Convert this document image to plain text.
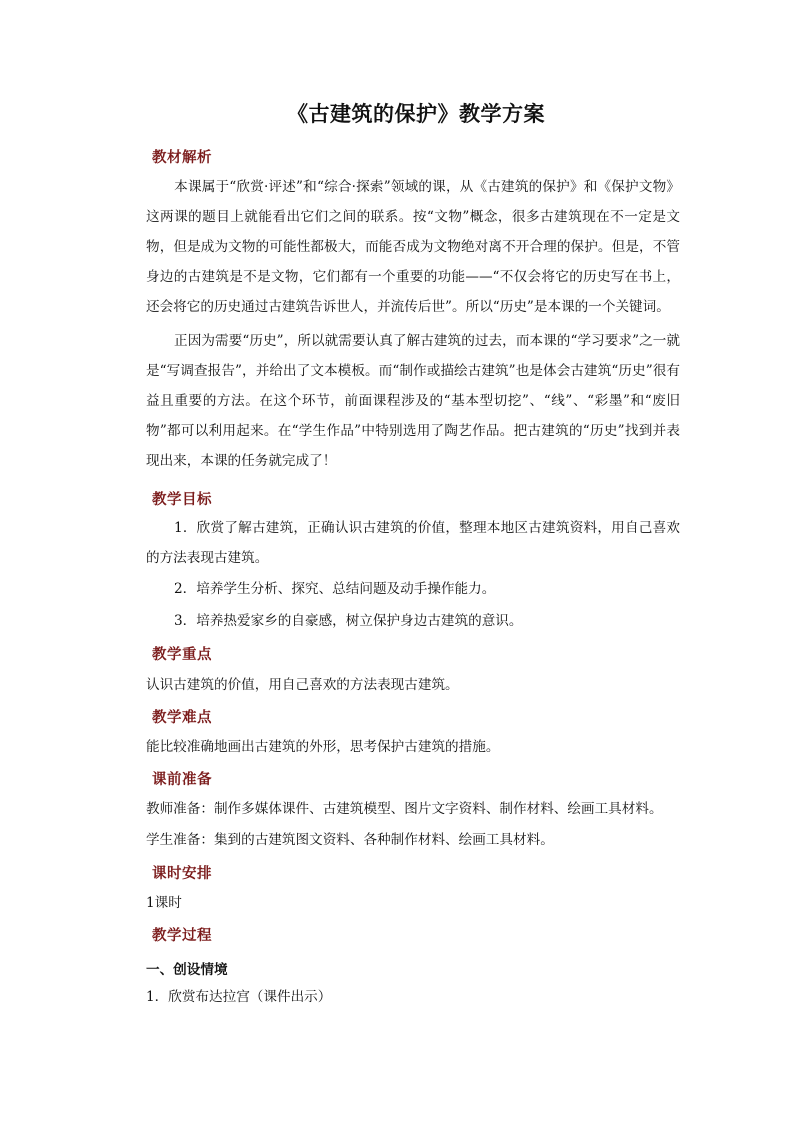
《古建筑的保护》教学方案
教材解析
本课属于“欣赏·评述”和“综合·探索”领域的课，从《古建筑的保护》和《保护文物》这两课的题目上就能看出它们之间的联系。按“文物”概念，很多古建筑现在不一定是文物，但是成为文物的可能性都极大，而能否成为文物绝对离不开合理的保护。但是，不管身边的古建筑是不是文物，它们都有一个重要的功能——“不仅会将它的历史写在书上，还会将它的历史通过古建筑告诉世人，并流传后世”。所以“历史”是本课的一个关键词。
正因为需要“历史”，所以就需要认真了解古建筑的过去，而本课的“学习要求”之一就是“写调查报告”，并给出了文本模板。而“制作或描绘古建筑”也是体会古建筑“历史”很有益且重要的方法。在这个环节，前面课程涉及的“基本型切挖”、“线”、“彩墨”和“废旧物”都可以利用起来。在“学生作品”中特别选用了陶艺作品。把古建筑的“历史”找到并表现出来，本课的任务就完成了！
教学目标
1．欣赏了解古建筑，正确认识古建筑的价值，整理本地区古建筑资料，用自己喜欢的方法表现古建筑。
2．培养学生分析、探究、总结问题及动手操作能力。
3．培养热爱家乡的自豪感，树立保护身边古建筑的意识。
教学重点
认识古建筑的价值，用自己喜欢的方法表现古建筑。
教学难点
能比较准确地画出古建筑的外形，思考保护古建筑的措施。
课前准备
教师准备：制作多媒体课件、古建筑模型、图片文字资料、制作材料、绘画工具材料。
学生准备：集到的古建筑图文资料、各种制作材料、绘画工具材料。
课时安排
1课时
教学过程
一、创设情境
1．欣赏布达拉宫（课件出示）
